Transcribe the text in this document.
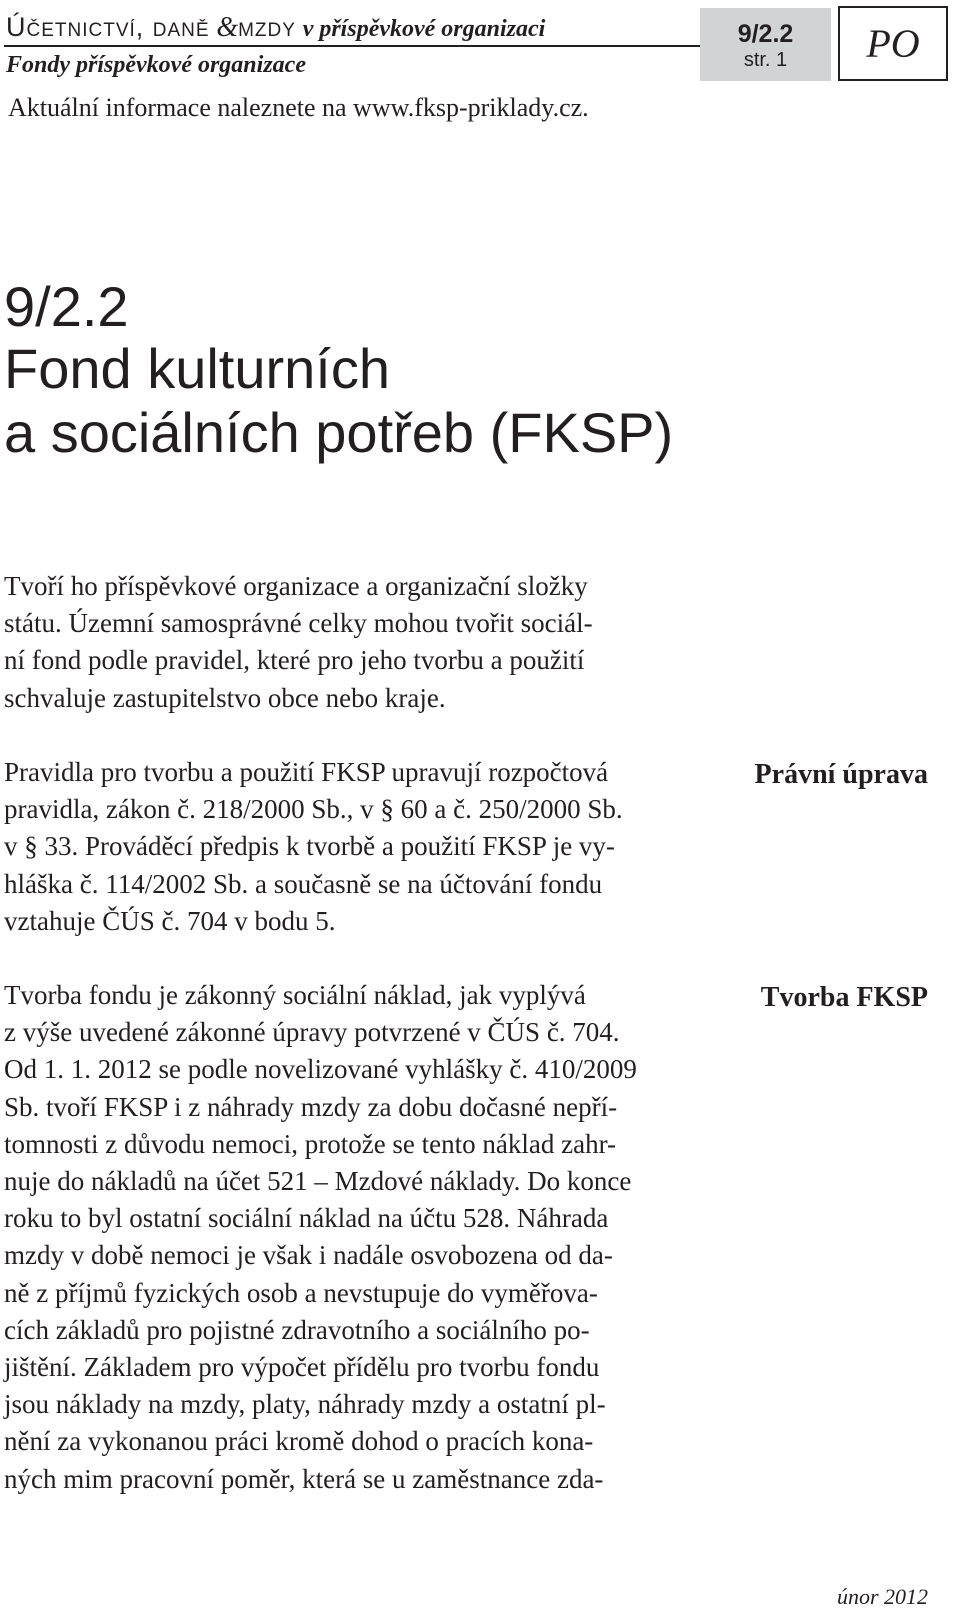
Účetnictví, daně &mzdy v příspěvkové organizaci
Fondy příspěvkové organizace
Aktuální informace naleznete na www.fksp-priklady.cz.
9/2.2
str. 1	PO
9/2.2
Fond kulturních
a sociálních potřeb (FKSP)

Tvoří ho příspěvkové organizace a organizační složky
státu. Územní samosprávné celky mohou tvořit sociál-
ní fond podle pravidel, které pro jeho tvorbu a použití
schvaluje zastupitelstvo obce nebo kraje.

Pravidla pro tvorbu a použití FKSP upravují rozpočtová
pravidla, zákon č. 218/2000 Sb., v § 60 a č. 250/2000 Sb.
v § 33. Prováděcí předpis k tvorbě a použití FKSP je vy-
hláška č. 114/2002 Sb. a současně se na účtování fondu
vztahuje ČÚS č. 704 v bodu 5.

Právní úprava

Tvorba fondu je zákonný sociální náklad, jak vyplývá
z výše uvedené zákonné úpravy potvrzené v ČÚS č. 704.
Od 1. 1. 2012 se podle novelizované vyhlášky č. 410/2009
Sb. tvoří FKSP i z náhrady mzdy za dobu dočasné nepří-
tomnosti z důvodu nemoci, protože se tento náklad zahr-
nuje do nákladů na účet 521 – Mzdové náklady. Do konce
roku to byl ostatní sociální náklad na účtu 528. Náhrada
mzdy v době nemoci je však i nadále osvobozena od da-
ně z příjmů fyzických osob a nevstupuje do vyměřova-
cích základů pro pojistné zdravotního a sociálního po-
jištění. Základem pro výpočet přídělu pro tvorbu fondu
jsou náklady na mzdy, platy, náhrady mzdy a ostatní pl-
nění za vykonanou práci kromě dohod o pracích kona-
ných mim pracovní poměr, která se u zaměstnance zda-

Tvorba FKSP
únor 2012
